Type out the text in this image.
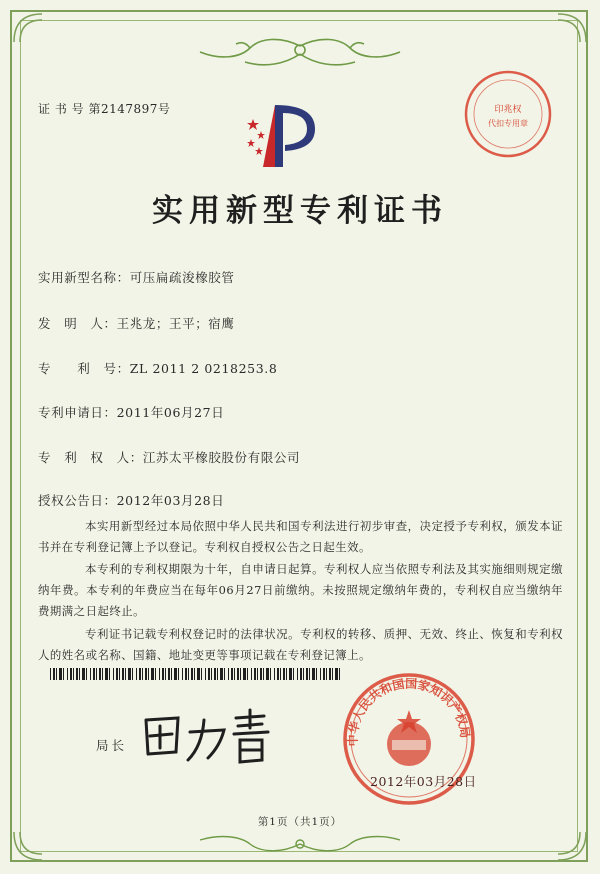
证 书 号 第2147897号	印兆权
代扣专用章
实用新型专利证书
实用新型名称：可压扁疏浚橡胶管
发　明　人：王兆龙；王平；宿鹰
专　　利　号：ZL 2011 2 0218253.8
专利申请日：2011年06月27日
专　利　权　人：江苏太平橡胶股份有限公司
授权公告日：2012年03月28日
本实用新型经过本局依照中华人民共和国专利法进行初步审查，决定授予专利权，颁发本证书并在专利登记簿上予以登记。专利权自授权公告之日起生效。
本专利的专利权期限为十年，自申请日起算。专利权人应当依照专利法及其实施细则规定缴纳年费。本专利的年费应当在每年06月27日前缴纳。未按照规定缴纳年费的，专利权自应当缴纳年费期满之日起终止。
专利证书记载专利权登记时的法律状况。专利权的转移、质押、无效、终止、恢复和专利权人的姓名或名称、国籍、地址变更等事项记载在专利登记簿上。
局长	中华人民共和国国家知识产权局
2012年03月28日
第1页（共1页）
